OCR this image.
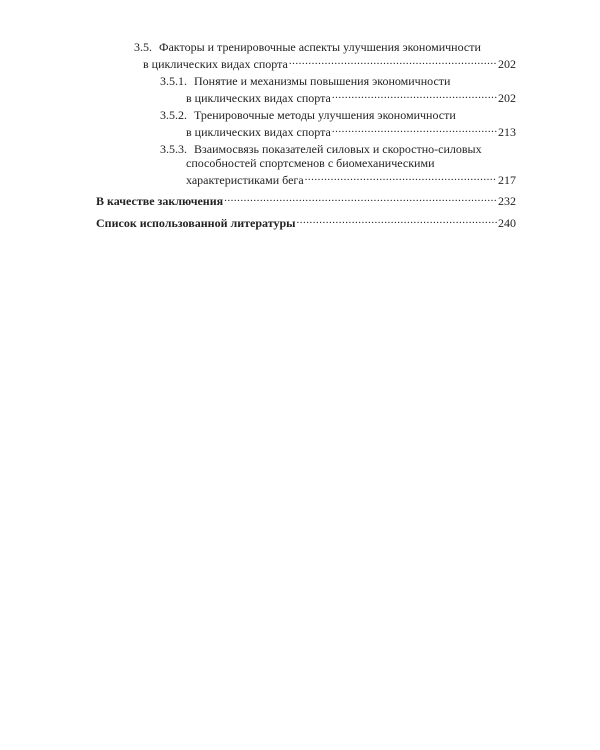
3.5. Факторы и тренировочные аспекты улучшения экономичности
в циклических видах спорта .....	202
3.5.1. Понятие и механизмы повышения экономичности
в циклических видах спорта .....	202
3.5.2. Тренировочные методы улучшения экономичности
в циклических видах спорта .....	213
3.5.3. Взаимосвязь показателей силовых и скоростно-силовых
способностей спортсменов с биомеханическими
характеристиками бега .....	217
В качестве заключения .....	232
Список использованной литературы .....	240
